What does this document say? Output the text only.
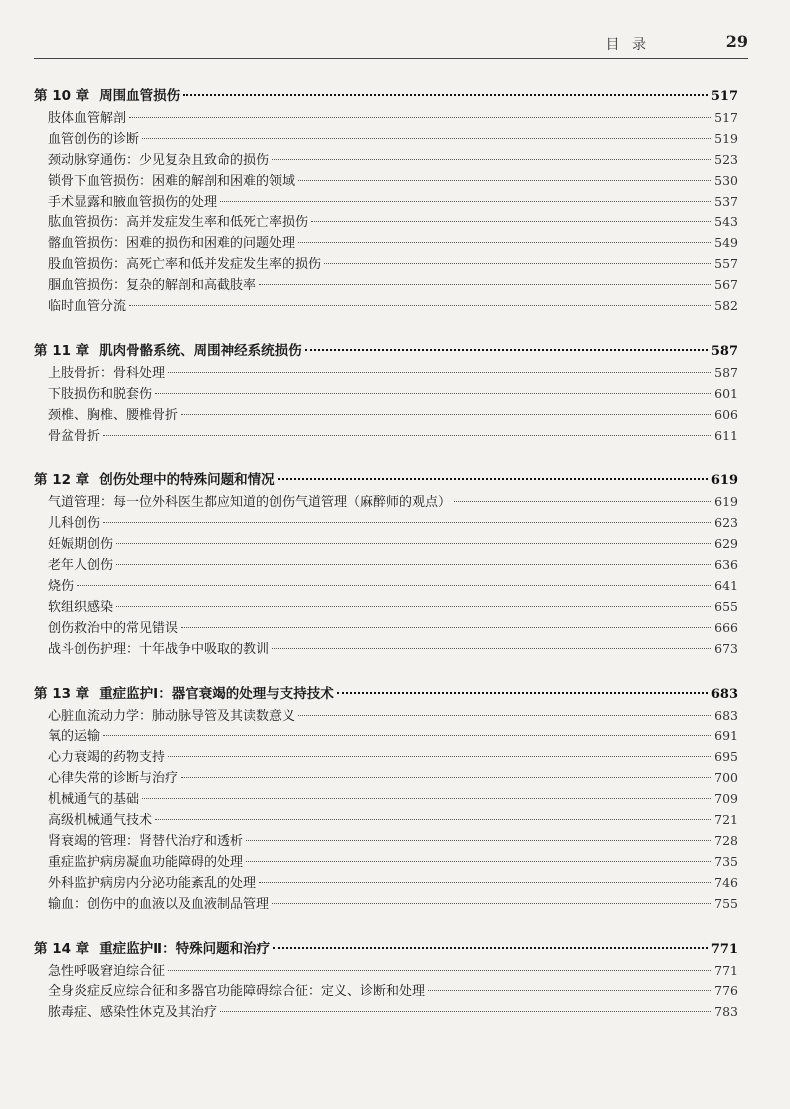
目 录	29
第 10 章 周围血管损伤	517
肢体血管解剖	517
血管创伤的诊断	519
颈动脉穿通伤：少见复杂且致命的损伤	523
锁骨下血管损伤：困难的解剖和困难的领域	530
手术显露和腋血管损伤的处理	537
肱血管损伤：高并发症发生率和低死亡率损伤	543
髂血管损伤：困难的损伤和困难的问题处理	549
股血管损伤：高死亡率和低并发症发生率的损伤	557
腘血管损伤：复杂的解剖和高截肢率	567
临时血管分流	582
第 11 章 肌肉骨骼系统、周围神经系统损伤	587
上肢骨折：骨科处理	587
下肢损伤和脱套伤	601
颈椎、胸椎、腰椎骨折	606
骨盆骨折	611
第 12 章 创伤处理中的特殊问题和情况	619
气道管理：每一位外科医生都应知道的创伤气道管理（麻醉师的观点）	619
儿科创伤	623
妊娠期创伤	629
老年人创伤	636
烧伤	641
软组织感染	655
创伤救治中的常见错误	666
战斗创伤护理：十年战争中吸取的教训	673
第 13 章 重症监护Ⅰ：器官衰竭的处理与支持技术	683
心脏血流动力学：肺动脉导管及其读数意义	683
氧的运输	691
心力衰竭的药物支持	695
心律失常的诊断与治疗	700
机械通气的基础	709
高级机械通气技术	721
肾衰竭的管理：肾替代治疗和透析	728
重症监护病房凝血功能障碍的处理	735
外科监护病房内分泌功能紊乱的处理	746
输血：创伤中的血液以及血液制品管理	755
第 14 章 重症监护Ⅱ：特殊问题和治疗	771
急性呼吸窘迫综合征	771
全身炎症反应综合征和多器官功能障碍综合征：定义、诊断和处理	776
脓毒症、感染性休克及其治疗	783
